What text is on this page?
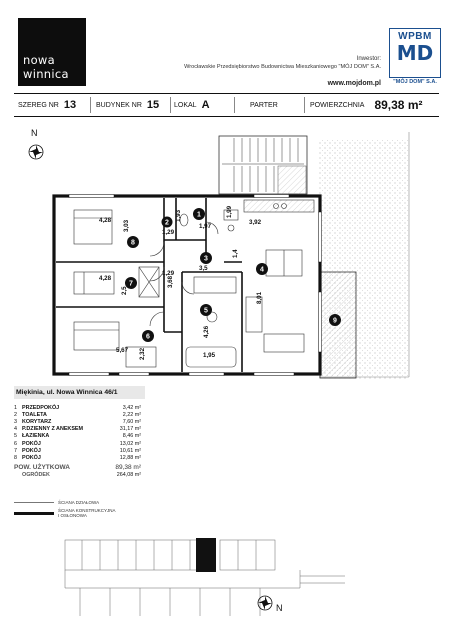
nowa
winnica
Inwestor:
Wrocławskie Przedsiębiorstwo Budownictwa Mieszkaniowego "MÓJ DOM" S.A.
www.mojdom.pl
WPBM
MD
"MÓJ DOM" S.A.
SZEREG NR 13	BUDYNEK NR 15 LOKAL A	PARTER	POWIERZCHNIA 89,38 m²
N
1
2
3
4
5
6
7
8
9
4,28 3,03
1,29
1,93
1,97
1,99
3,92
1,4
3,5
1,29
4,28
2,5
3,68
8,01
4,26
5,67 2,32	1,95
Miękinia, ul. Nowa Winnica 46/1
1 PRZEDPOKÓJ	3,42 m²
2 TOALETA	2,22 m²
3 KORYTARZ	7,60 m²
4 P.DZIENNY Z ANEKSEM	31,17 m²
5 ŁAZIENKA	8,46 m²
6 POKÓJ	13,02 m²
7 POKÓJ	10,61 m²
8 POKÓJ	12,88 m²
POW. UŻYTKOWA	89,38 m²
OGRÓDEK	264,08 m²
ŚCIANA DZIAŁOWA
ŚCIANA KONSTRUKCYJNA
I OSŁONOWA
N
